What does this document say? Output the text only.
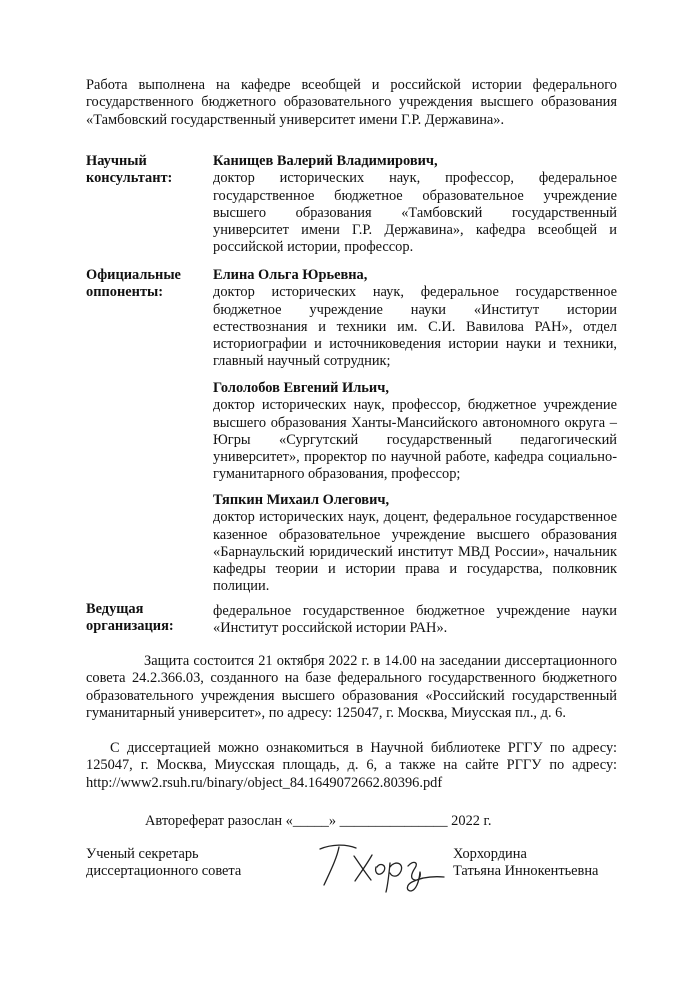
Работа выполнена на кафедре всеобщей и российской истории федерального государственного бюджетного образовательного учреждения высшего образования «Тамбовский государственный университет имени Г.Р. Державина».

Научный
консультант:

Канищев Валерий Владимирович,

доктор исторических наук, профессор, федеральное государственное бюджетное образовательное учреждение высшего образования «Тамбовский государственный университет имени Г.Р. Державина», кафедра всеобщей и российской истории, профессор.

Официальные
оппоненты:

Елина Ольга Юрьевна,

доктор исторических наук, федеральное государственное бюджетное учреждение науки «Институт истории естествознания и техники им. С.И. Вавилова РАН», отдел историографии и источниковедения истории науки и техники, главный научный сотрудник;

Гололобов Евгений Ильич,

доктор исторических наук, профессор, бюджетное учреждение высшего образования Ханты-Мансийского автономного округа – Югры «Сургутский государственный педагогический университет», проректор по научной работе, кафедра социально-гуманитарного образования, профессор;

Тяпкин Михаил Олегович,

доктор исторических наук, доцент, федеральное государственное казенное образовательное учреждение высшего образования «Барнаульский юридический институт МВД России», начальник кафедры теории и истории права и государства, полковник полиции.

Ведущая
организация:

федеральное государственное бюджетное учреждение науки «Институт российской истории РАН».

Защита состоится 21 октября 2022 г. в 14.00 на заседании диссертационного совета 24.2.366.03, созданного на базе федерального государственного бюджетного образовательного учреждения высшего образования «Российский государственный гуманитарный университет», по адресу: 125047, г. Москва, Миусская пл., д. 6.

С диссертацией можно ознакомиться в Научной библиотеке РГГУ по адресу: 125047, г. Москва, Миусская площадь, д. 6, а также на сайте РГГУ по адресу: http://www2.rsuh.ru/binary/object_84.1649072662.80396.pdf

Автореферат разослан «_____» _______________ 2022 г.

Ученый секретарь
диссертационного совета

Хорхордина
Татьяна Иннокентьевна
